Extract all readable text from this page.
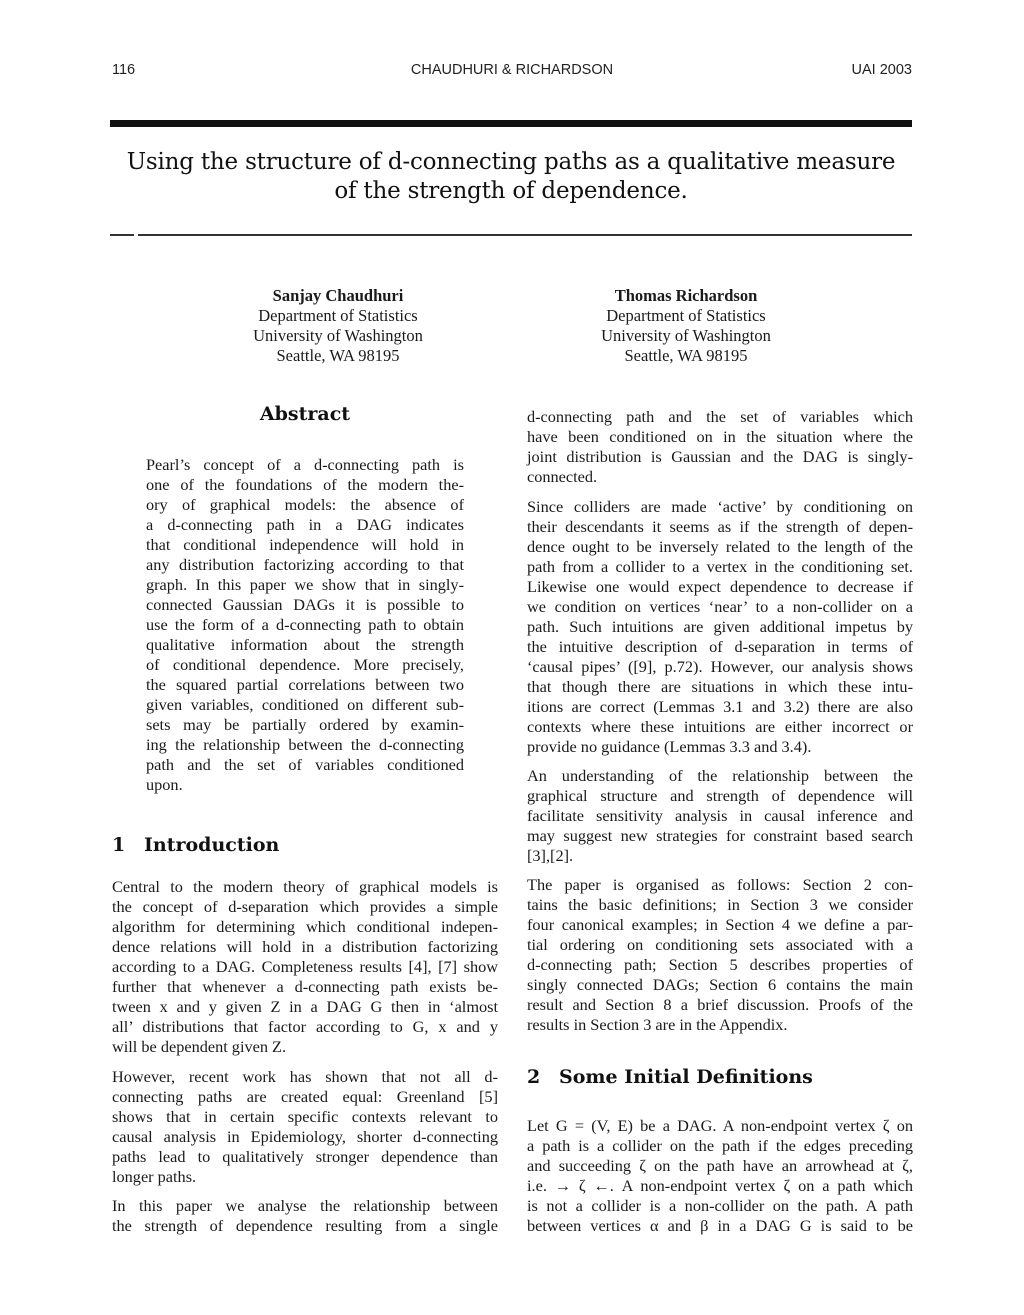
116	CHAUDHURI & RICHARDSON	UAI 2003
Using the structure of d-connecting paths as a qualitative measure
of the strength of dependence.
Sanjay Chaudhuri
Department of Statistics
University of Washington
Seattle, WA 98195
Thomas Richardson
Department of Statistics
University of Washington
Seattle, WA 98195
Abstract
Pearl’s concept of a d-connecting path is
one of the foundations of the modern the-
ory of graphical models: the absence of
a d-connecting path in a DAG indicates
that conditional independence will hold in
any distribution factorizing according to that
graph. In this paper we show that in singly-
connected Gaussian DAGs it is possible to
use the form of a d-connecting path to obtain
qualitative information about the strength
of conditional dependence. More precisely,
the squared partial correlations between two
given variables, conditioned on different sub-
sets may be partially ordered by examin-
ing the relationship between the d-connecting
path and the set of variables conditioned
upon.
1 Introduction
Central to the modern theory of graphical models is
the concept of d-separation which provides a simple
algorithm for determining which conditional indepen-
dence relations will hold in a distribution factorizing
according to a DAG. Completeness results [4], [7] show
further that whenever a d-connecting path exists be-
tween x and y given Z in a DAG G then in ‘almost
all’ distributions that factor according to G, x and y
will be dependent given Z.
However, recent work has shown that not all d-
connecting paths are created equal: Greenland [5]
shows that in certain specific contexts relevant to
causal analysis in Epidemiology, shorter d-connecting
paths lead to qualitatively stronger dependence than
longer paths.
In this paper we analyse the relationship between
the strength of dependence resulting from a single
d-connecting path and the set of variables which
have been conditioned on in the situation where the
joint distribution is Gaussian and the DAG is singly-
connected.
Since colliders are made ‘active’ by conditioning on
their descendants it seems as if the strength of depen-
dence ought to be inversely related to the length of the
path from a collider to a vertex in the conditioning set.
Likewise one would expect dependence to decrease if
we condition on vertices ‘near’ to a non-collider on a
path. Such intuitions are given additional impetus by
the intuitive description of d-separation in terms of
‘causal pipes’ ([9], p.72). However, our analysis shows
that though there are situations in which these intu-
itions are correct (Lemmas 3.1 and 3.2) there are also
contexts where these intuitions are either incorrect or
provide no guidance (Lemmas 3.3 and 3.4).
An understanding of the relationship between the
graphical structure and strength of dependence will
facilitate sensitivity analysis in causal inference and
may suggest new strategies for constraint based search
[3],[2].
The paper is organised as follows: Section 2 con-
tains the basic definitions; in Section 3 we consider
four canonical examples; in Section 4 we define a par-
tial ordering on conditioning sets associated with a
d-connecting path; Section 5 describes properties of
singly connected DAGs; Section 6 contains the main
result and Section 8 a brief discussion. Proofs of the
results in Section 3 are in the Appendix.
2 Some Initial Definitions
Let G = (V, E) be a DAG. A non-endpoint vertex ζ on
a path is a collider on the path if the edges preceding
and succeeding ζ on the path have an arrowhead at ζ,
i.e. → ζ ←. A non-endpoint vertex ζ on a path which
is not a collider is a non-collider on the path. A path
between vertices α and β in a DAG G is said to be
